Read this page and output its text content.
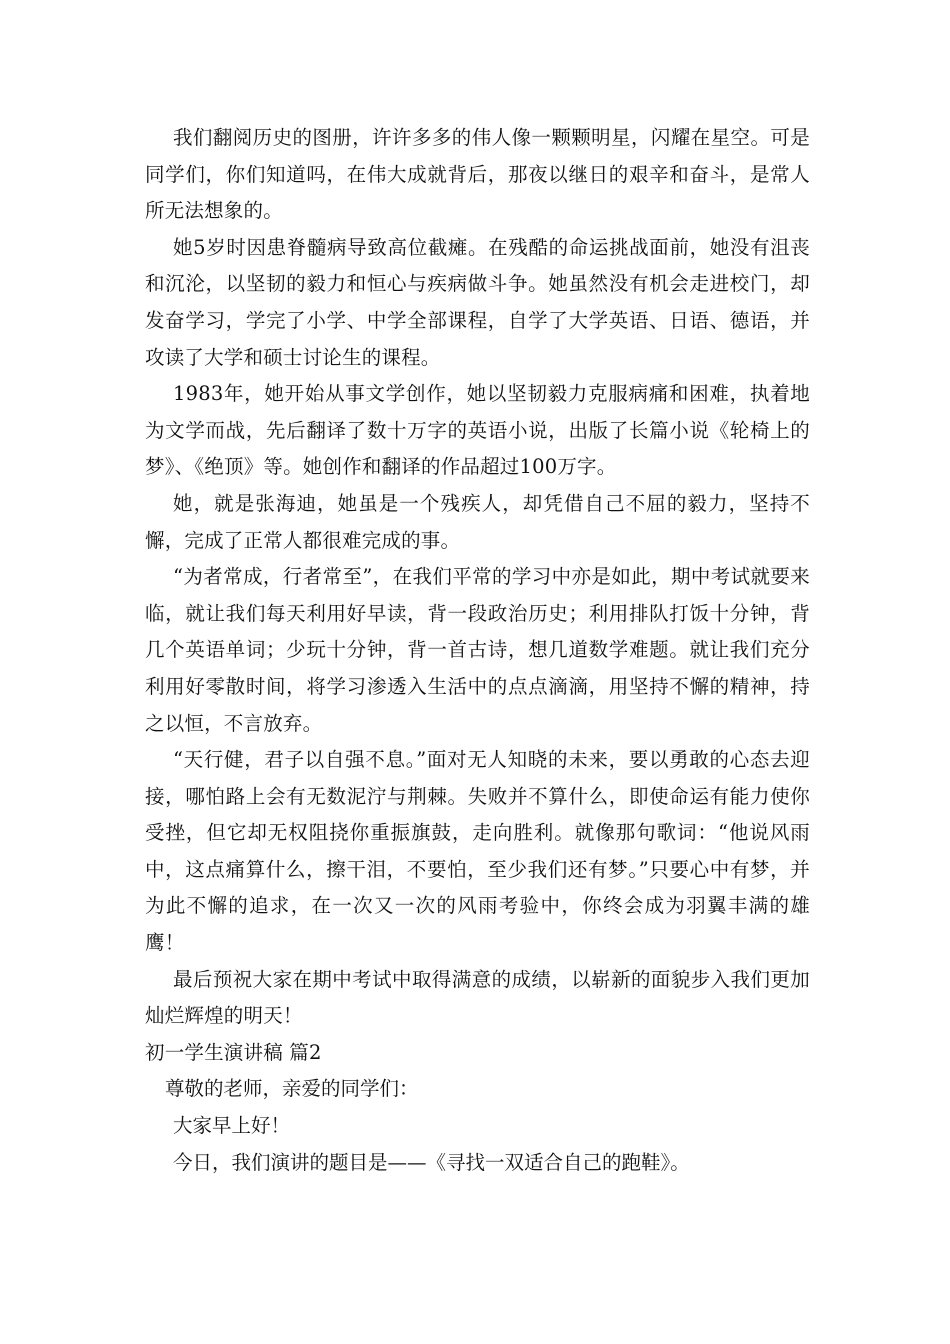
我们翻阅历史的图册，许许多多的伟人像一颗颗明星，闪耀在星空。可是同学们，你们知道吗，在伟大成就背后，那夜以继日的艰辛和奋斗，是常人所无法想象的。

她5岁时因患脊髓病导致高位截瘫。在残酷的命运挑战面前，她没有沮丧和沉沦，以坚韧的毅力和恒心与疾病做斗争。她虽然没有机会走进校门，却发奋学习，学完了小学、中学全部课程，自学了大学英语、日语、德语，并攻读了大学和硕士讨论生的课程。

1983年，她开始从事文学创作，她以坚韧毅力克服病痛和困难，执着地为文学而战，先后翻译了数十万字的英语小说，出版了长篇小说《轮椅上的梦》、《绝顶》等。她创作和翻译的作品超过100万字。

她，就是张海迪，她虽是一个残疾人，却凭借自己不屈的毅力，坚持不懈，完成了正常人都很难完成的事。

“为者常成，行者常至”，在我们平常的学习中亦是如此，期中考试就要来临，就让我们每天利用好早读，背一段政治历史；利用排队打饭十分钟，背几个英语单词；少玩十分钟，背一首古诗，想几道数学难题。就让我们充分利用好零散时间，将学习渗透入生活中的点点滴滴，用坚持不懈的精神，持之以恒，不言放弃。

“天行健，君子以自强不息。”面对无人知晓的未来，要以勇敢的心态去迎接，哪怕路上会有无数泥泞与荆棘。失败并不算什么，即使命运有能力使你受挫，但它却无权阻挠你重振旗鼓，走向胜利。就像那句歌词：“他说风雨中，这点痛算什么，擦干泪，不要怕，至少我们还有梦。”只要心中有梦，并为此不懈的追求，在一次又一次的风雨考验中，你终会成为羽翼丰满的雄鹰！

最后预祝大家在期中考试中取得满意的成绩，以崭新的面貌步入我们更加灿烂辉煌的明天！

初一学生演讲稿 篇2

尊敬的老师，亲爱的同学们：

大家早上好！

今日，我们演讲的题目是——《寻找一双适合自己的跑鞋》。
